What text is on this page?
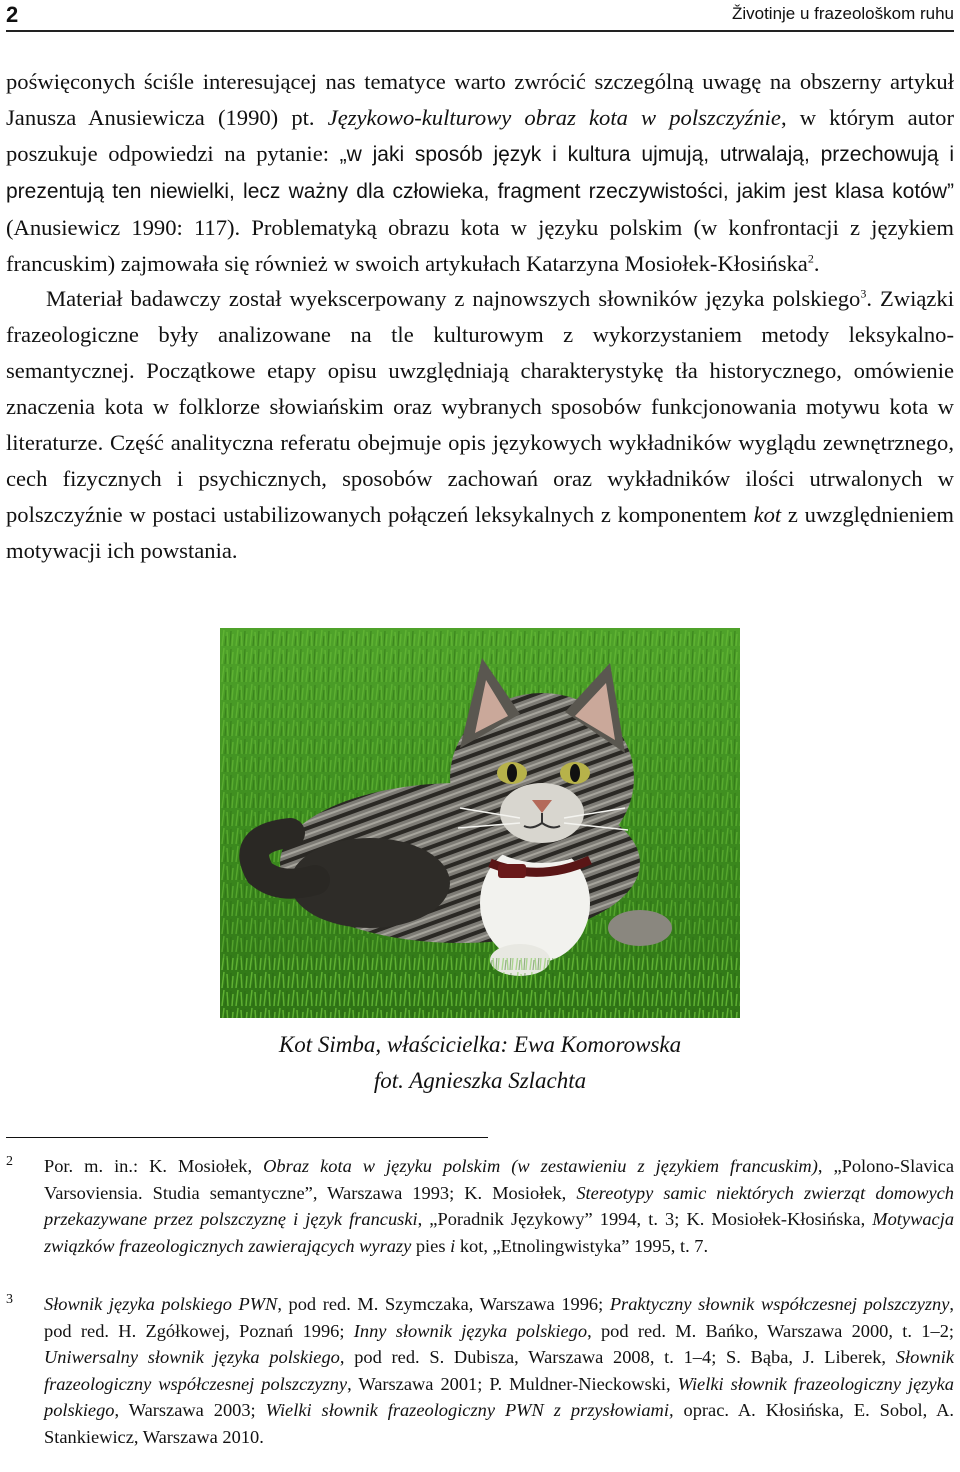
2	Životinje u frazeološkom ruhu

poświęconych ściśle interesującej nas tematyce warto zwrócić szczególną uwagę na obszerny artykuł Janusza Anusiewicza (1990) pt. Językowo-kulturowy obraz kota w polszczyźnie, w którym autor poszukuje odpowiedzi na pytanie: „w jaki sposób język i kultura ujmują, utrwalają, przechowują i prezentują ten niewielki, lecz ważny dla człowieka, fragment rzeczywistości, jakim jest klasa kotów” (Anusiewicz 1990: 117). Problematyką obrazu kota w języku polskim (w konfrontacji z językiem francuskim) zajmowała się również w swoich artykułach Katarzyna Mosiołek-Kłosińska$^2$.

Materiał badawczy został wyekscerpowany z najnowszych słowników języka polskiego$^3$. Związki frazeologiczne były analizowane na tle kulturowym z wykorzystaniem metody leksykalno-semantycznej. Początkowe etapy opisu uwzględniają charakterystykę tła historycznego, omówienie znaczenia kota w folklorze słowiańskim oraz wybranych sposobów funkcjonowania motywu kota w literaturze. Część analityczna referatu obejmuje opis językowych wykładników wyglądu zewnętrznego, cech fizycznych i psychicznych, sposobów zachowań oraz wykładników ilości utrwalonych w polszczyźnie w postaci ustabilizowanych połączeń leksykalnych z komponentem kot z uwzględnieniem motywacji ich powstania.

Kot Simba, właścicielka: Ewa Komorowska
fot. Agnieszka Szlachta
2 Por. m. in.: K. Mosiołek, Obraz kota w języku polskim (w zestawieniu z językiem francuskim), „Polono-Slavica Varsoviensia. Studia semantyczne”, Warszawa 1993; K. Mosiołek, Stereotypy samic niektórych zwierząt domowych przekazywane przez polszczyznę i język francuski, „Poradnik Językowy” 1994, t. 3; K. Mosiołek-Kłosińska, Motywacja związków frazeologicznych zawierających wyrazy pies i kot, „Etnolingwistyka” 1995, t. 7.
3 Słownik języka polskiego PWN, pod red. M. Szymczaka, Warszawa 1996; Praktyczny słownik współczesnej polszczyzny, pod red. H. Zgółkowej, Poznań 1996; Inny słownik języka polskiego, pod red. M. Bańko, Warszawa 2000, t. 1–2; Uniwersalny słownik języka polskiego, pod red. S. Dubisza, Warszawa 2008, t. 1–4; S. Bąba, J. Liberek, Słownik frazeologiczny współczesnej polszczyzny, Warszawa 2001; P. Muldner-Nieckowski, Wielki słownik frazeologiczny języka polskiego, Warszawa 2003; Wielki słownik frazeologiczny PWN z przysłowiami, oprac. A. Kłosińska, E. Sobol, A. Stankiewicz, Warszawa 2010.
